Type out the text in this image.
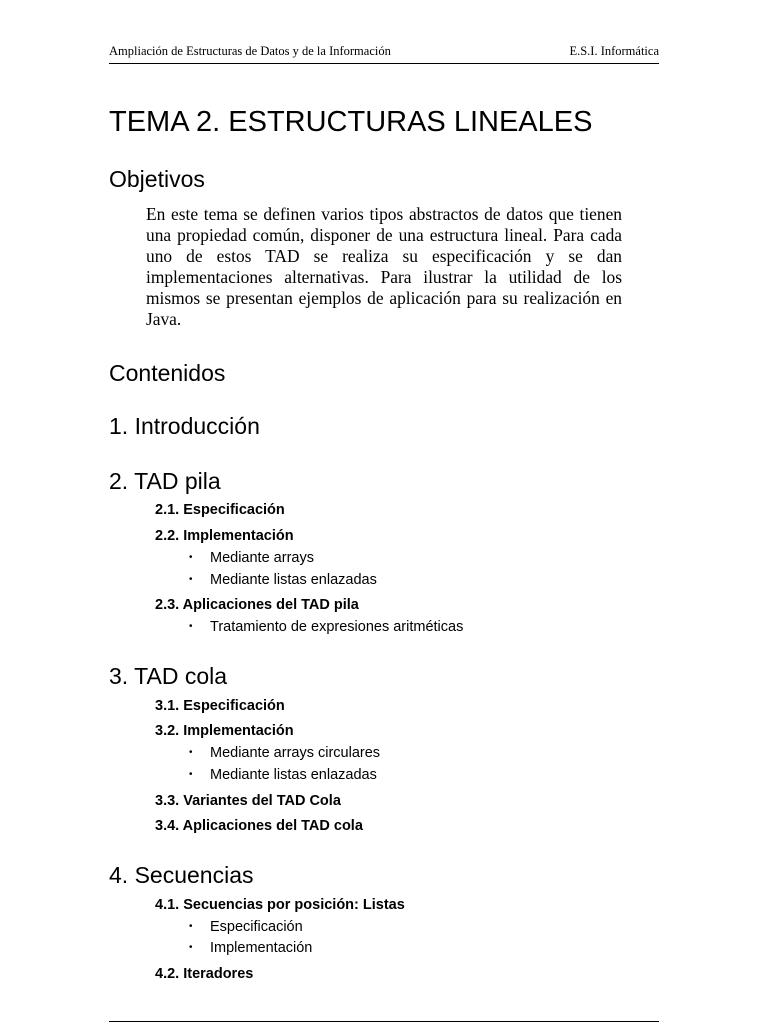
Ampliación de Estructuras de Datos y de la Información	E.S.I. Informática
TEMA 2. ESTRUCTURAS LINEALES
Objetivos

En este tema se definen varios tipos abstractos de datos que tienen una propiedad común, disponer de una estructura lineal. Para cada uno de estos TAD se realiza su especificación y se dan implementaciones alternativas. Para ilustrar la utilidad de los mismos se presentan ejemplos de aplicación para su realización en Java.

Contenidos
1. Introducción
2. TAD pila

2.1. Especificación

2.2. Implementación

• Mediante arrays

• Mediante listas enlazadas

2.3. Aplicaciones del TAD pila

• Tratamiento de expresiones aritméticas

3. TAD cola

3.1. Especificación

3.2. Implementación

• Mediante arrays circulares

• Mediante listas enlazadas

3.3. Variantes del TAD Cola

3.4. Aplicaciones del TAD cola

4. Secuencias

4.1. Secuencias por posición: Listas

• Especificación

• Implementación

4.2. Iteradores
